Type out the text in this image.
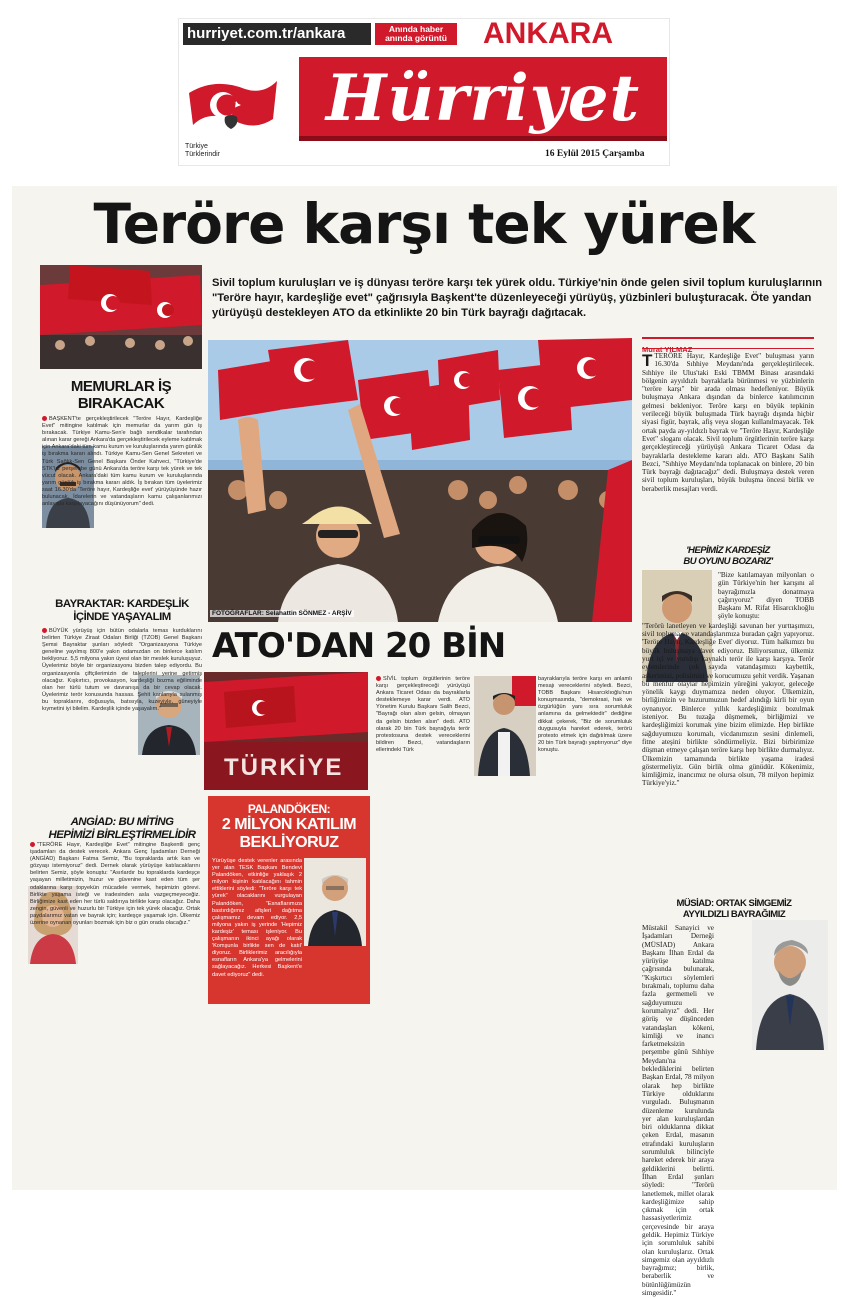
hurriyet.com.tr/ankara	Anında haber
anında görüntü	ANKARA
Türkiye
Türklerindir
Hürriyet
16 Eylül 2015 Çarşamba
Teröre karşı tek yürek
Sivil toplum kuruluşları ve iş dünyası teröre karşı tek yürek oldu. Türkiye'nin önde gelen sivil toplum kuruluşlarının "Teröre hayır, kardeşliğe evet" çağrısıyla Başkent'te düzenleyeceği yürüyüş, yüzbinleri buluşturacak. Öte yandan yürüyüşü destekleyen ATO da etkinlikte 20 bin Türk bayrağı dağıtacak.
MEMURLAR İŞ
BIRAKACAK

BAŞKENT'te gerçekleştirilecek "Teröre Hayır, Kardeşliğe Evet" mitingine katılmak için memurlar da yarım gün iş bırakacak. Türkiye Kamu-Sen'e bağlı sendikalar tarafından alınan karar gereği Ankara'da gerçekleştirilecek eyleme katılmak için Ankara'daki tüm kamu kurum ve kuruluşlarında yarım günlük iş bırakma kararı alındı. Türkiye Kamu-Sen Genel Sekreteri ve Türk Sağlık-Sen Genel Başkanı Önder Kahveci, "Türkiye'de STK'lar perşembe günü Ankara'da teröre karşı tek yürek ve tek vücut olacak. Ankara'daki tüm kamu kurum ve kuruluşlarında yarım günlük iş bırakma kararı aldık. İş bırakan tüm üyelerimiz saat 16.30'da 'Teröre hayır, Kardeşliğe evet' yürüyüşünde hazır bulunacak. İdarelerin ve vatandaşların kamu çalışanlarımızı anlayışla karşılayacağını düşünüyorum" dedi.

BAYRAKTAR: KARDEŞLİK
İÇİNDE YAŞAYALIM

BÜYÜK yürüyüş için bütün odalarla temas kurduklarını belirten Türkiye Ziraat Odaları Birliği (TZOB) Genel Başkanı Şemsi Bayraktar şunları söyledi: "Organizasyona Türkiye geneline yayılmış 800'e yakın odamızdan on binlerce katılım bekliyoruz. 5,5 milyona yakın üyesi olan bir meslek kuruluşuyuz. Üyelerimiz böyle bir organizasyonu bizden talep ediyordu. Bu organizasyonla çiftçilerimizin de taleplerini yerine getirmiş olacağız. Kışkırtıcı, provokasyon, kardeşliği bozma eğiliminde olan her türlü tutum ve davranışa da bir cevap olacak. Üyelerimiz terör konusunda hassas. Şehit kanlarıyla sulanmış bu topraklarını, doğusuyla, batısıyla, kuzeyiyle, güneyiyle kıymetini iyi bilelim. Kardeşlik içinde yaşayalım."

FOTOĞRAFLAR: Selahattin SÖNMEZ - ARŞİV
Murat YILMAZ

TTERÖRE Hayır, Kardeşliğe Evet" buluşması yarın 16.30'da Sıhhiye Meydanı'nda gerçekleştirilecek. Sıhhiye ile Ulus'taki Eski TBMM Binası arasındaki bölgenin ayyıldızlı bayraklarla bürünmesi ve yüzbinlerin "teröre karşı" bir arada olması hedefleniyor. Büyük buluşmaya Ankara dışından da binlerce katılımcının gelmesi bekleniyor. Teröre karşı en büyük tepkinin verileceği büyük buluşmada Türk bayrağı dışında hiçbir siyasi figür, bayrak, afiş veya slogan kullanılmayacak. Tek ortak payda ay-yıldızlı bayrak ve "Teröre Hayır, Kardeşliğe Evet" sloganı olacak. Sivil toplum örgütlerinin teröre karşı gerçekleştireceği yürüyüşü Ankara Ticaret Odası da bayraklarla destekleme kararı aldı. ATO Başkanı Salih Bezci, "Sıhhiye Meydanı'nda toplanacak on binlere, 20 bin Türk bayrağı dağıtacağız" dedi. Buluşmaya destek veren sivil toplum kuruluşları, büyük buluşma öncesi birlik ve beraberlik mesajları verdi.

'HEPİMİZ KARDEŞİZ
BU OYUNU BOZARIZ'

"Bize katılamayan milyonları o gün Türkiye'nin her karışını al bayrağımızla donatmaya çağırıyoruz" diyen TOBB Başkanı M. Rifat Hisarcıklıoğlu şöyle konuştu:

"Terörü lanetleyen ve kardeşliği savunan her yurttaşımızı, sivil topluma ve vatandaşlarımıza buradan çağrı yapıyoruz. 'Teröre Hayır, Kardeşliğe Evet' diyoruz. Tüm halkımızı bu büyük buluşmaya davet ediyoruz. Biliyorsunuz, ülkemiz yurt içi ve yurtdışı kaynaklı terör ile karşı karşıya. Terör eylemlerinde çok sayıda vatandaşımızı kaybettik, askerimizi, polisimizi ve korucumuzu şehit verdik. Yaşanan bu menfur olaylar hepimizin yüreğini yakıyor, geleceğe yönelik kaygı duymamıza neden oluyor. Ülkemizin, birliğimizin ve huzurumuzun hedef alındığı kirli bir oyun oynanıyor. Binlerce yıllık kardeşliğimiz bozulmak isteniyor. Bu tuzağa düşmemek, birliğimizi ve kardeşliğimizi korumak yine bizim elimizde. Hep birlikte sağduyumuzu korumalı, vicdanımızın sesini dinlemeli, fitne ateşini birlikte söndürmeliyiz. Bizi birbirimize düşman etmeye çalışan teröre karşı hep birlikte durmalıyız. Ülkemizin tamamında birlikte yaşama iradesi göstermeliyiz. Gün birlik olma günüdür. Kökenimiz, kimliğimiz, inancımız ne olursa olsun, 78 milyon hepimiz Türkiye'yiz."

MÜSİAD: ORTAK SİMGEMİZ
AYYILDIZLI BAYRAĞIMIZ

Müstakil Sanayici ve İşadamları Derneği (MÜSİAD) Ankara Başkanı İlhan Erdal da yürüyüşe katılma çağrısında bulunarak, "Kışkırtıcı söylemleri bırakmalı, toplumu daha fazla germemeli ve sağduyumuzu korumalıyız" dedi. Her görüş ve düşünceden vatandaşları kökeni, kimliği ve inancı farketmeksizin perşembe günü Sıhhiye Meydanı'na beklediklerini belirten Başkan Erdal, 78 milyon olarak hep birlikte Türkiye olduklarını vurguladı. Buluşmanın düzenleme kurulunda yer alan kuruluşlardan biri olduklarına dikkat çeken Erdal, masanın etrafındaki kuruluşların sorumluluk bilinciyle hareket ederek bir araya geldiklerini belirtti. İlhan Erdal şunları söyledi: "Terörü lanetlemek, millet olarak kardeşliğimize sahip çıkmak için ortak hassasiyetlerimiz çerçevesinde bir araya geldik. Hepimiz Türkiye için sorumluluk sahibi olan kuruluşlarız. Ortak simgemiz olan ayyıldızlı bayrağımız; birlik, beraberlik ve bütünlüğümüzün simgesidir."

ATO'DAN 20 BİN
TÜRKİYE

SİVİL toplum örgütlerinin teröre karşı gerçekleştireceği yürüyüşü Ankara Ticaret Odası da bayraklarla desteklemeye karar verdi. ATO Yönetim Kurulu Başkanı Salih Bezci, "Bayrağı olan alsın gelsin, olmayan da gelsin bizden alsın" dedi. ATO olarak 20 bin Türk bayrağıyla terör protestosuna destek vereceklerini bildiren Bezci, vatandaşların ellerindeki Türk

bayraklarıyla teröre karşı en anlamlı mesajı vereceklerini söyledi. Bezci, TOBB Başkanı Hisarcıklıoğlu'nun konuşmasında, "demokrasi, hak ve özgürlüğün yanı sıra sorumluluk anlamına da gelmektedir" dediğine dikkat çekerek, "Biz de sorumluluk duygusuyla hareket ederek, terörü protesto etmek için dağıtılmak üzere 20 bin Türk bayrağı yaptırıyoruz" diye konuştu.

ANGİAD: BU MİTİNG
HEPİMİZİ BİRLEŞTİRMELİDİR

"TERÖRE Hayır, Kardeşliğe Evet" mitingine Başkentli genç işadamları da destek verecek. Ankara Genç İşadamları Derneği (ANGİAD) Başkanı Fatma Semiz, "Bu topraklarda artık kan ve gözyaşı istemiyoruz" dedi. Dernek olarak yürüyüşe katılacaklarını belirten Semiz, şöyle konuştu: "Asırlardır bu topraklarda kardeşçe yaşayan milletimizin, huzur ve güvenine kast eden tüm şer odaklarına karşı topyekün mücadele vermek, hepimizin görevi. Birlikte yaşama isteği ve iradesinden asla vazgeçmeyeceğiz. Birliğimize kast eden her türlü saldırıya birlikte karşı olacağız. Daha zengin, güvenli ve huzurlu bir Türkiye için tek yürek olacağız. Ortak paydalarımız vatan ve bayrak için; kardeşçe yaşamak için. Ülkemiz üzerine oynanan oyunları bozmak için biz o gün orada olacağız."

PALANDÖKEN:
2 MİLYON KATILIM
BEKLİYORUZ

Yürüyüşe destek verenler arasında yer alan TESK Başkanı Bendevi Palandöken, etkinliğe yaklaşık 2 milyon kişinin katılacağını tahmin ettiklerini söyledi: "Teröre karşı tek yürek" olacaklarını vurgulayan Palandöken, "Esnaflarımıza bastırdığımız afişleri dağıtma çalışmamız devam ediyor. 2,5 milyona yakın iş yerinde 'Hepimiz kardeşiz' teması işleniyor. Bu çalışmanın ikinci ayağı olarak 'Komşunla birlikte sen de katıl' diyoruz. Birliklerimiz aracılığıyla esnafların Ankara'ya gelmelerini sağlayacağız. Herkesi Başkent'e davet ediyoruz" dedi.
